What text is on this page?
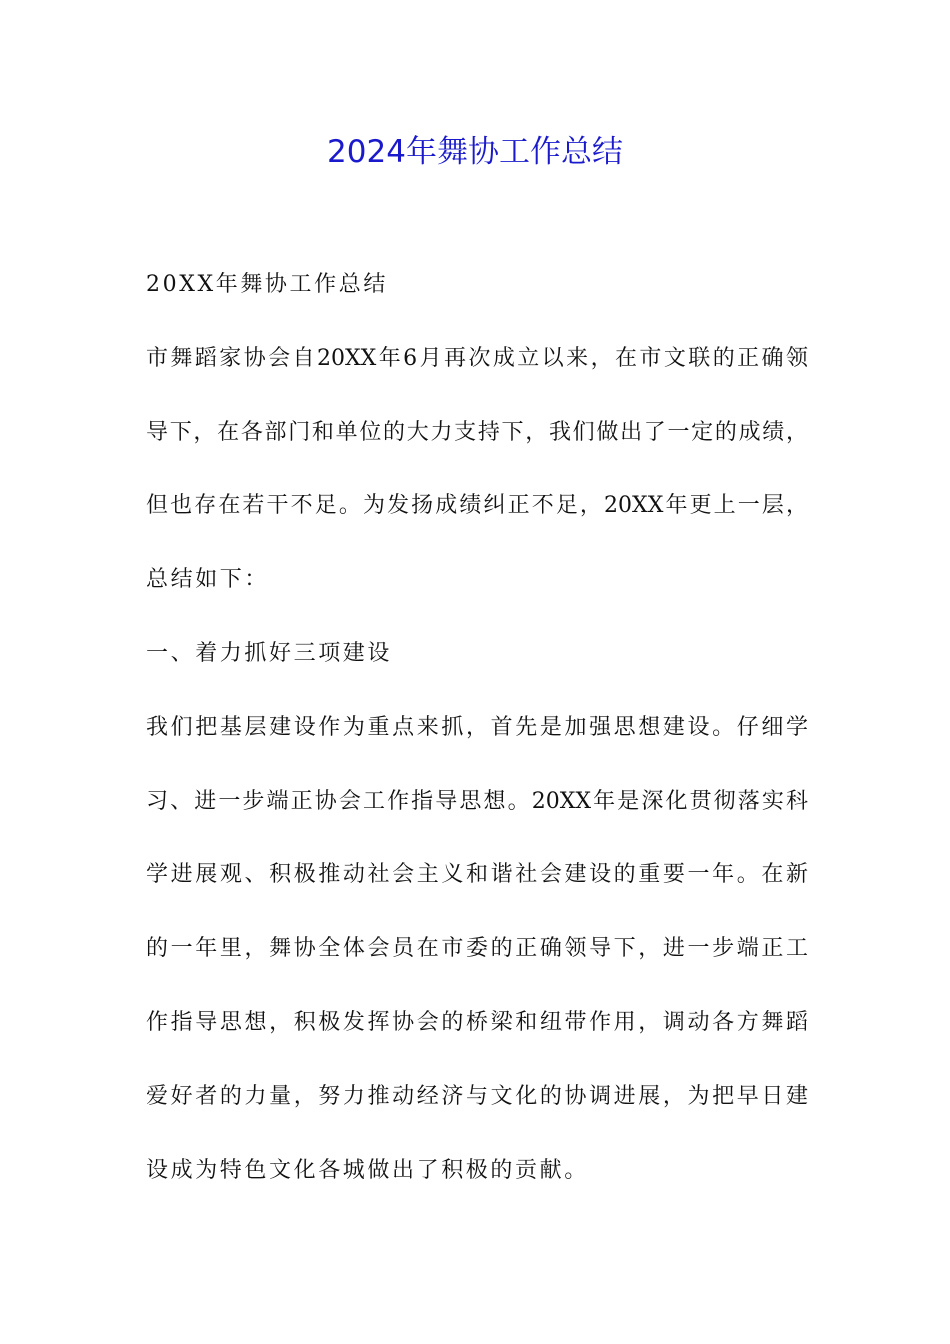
2024年舞协工作总结
20XX年舞协工作总结
市舞蹈家协会自20XX年6月再次成立以来，在市文联的正确领
导下，在各部门和单位的大力支持下，我们做出了一定的成绩，
但也存在若干不足。为发扬成绩纠正不足，20XX年更上一层，
总结如下：
一、着力抓好三项建设
我们把基层建设作为重点来抓，首先是加强思想建设。仔细学
习、进一步端正协会工作指导思想。20XX年是深化贯彻落实科
学进展观、积极推动社会主义和谐社会建设的重要一年。在新
的一年里，舞协全体会员在市委的正确领导下，进一步端正工
作指导思想，积极发挥协会的桥梁和纽带作用，调动各方舞蹈
爱好者的力量，努力推动经济与文化的协调进展，为把早日建
设成为特色文化各城做出了积极的贡献。
